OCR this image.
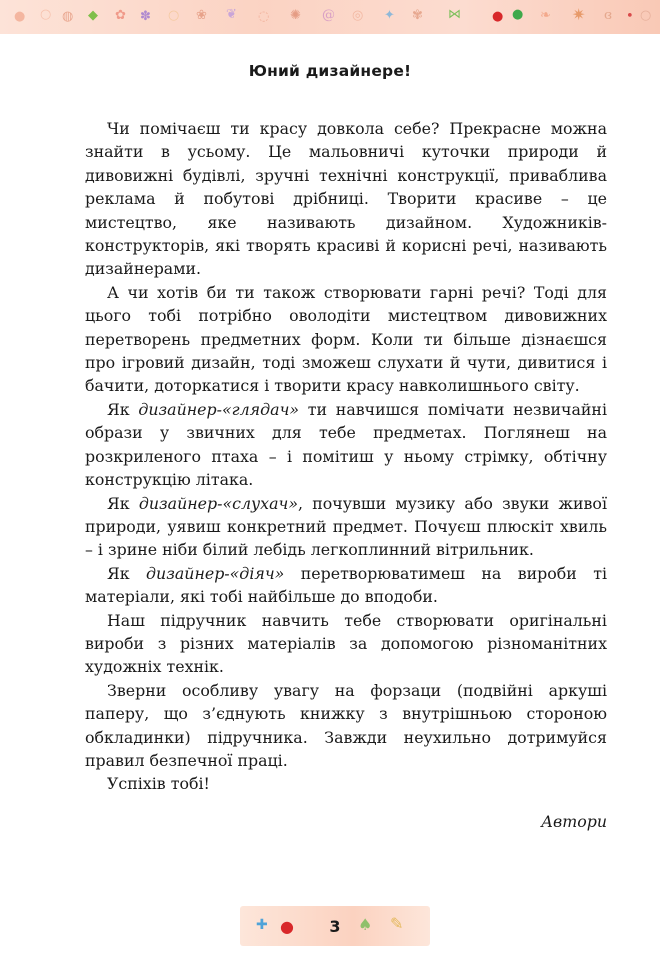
● ○ ◍ ◆ ✿ ✽ ○ ❀ ❦ ◌ ✺ @ ◎ ✦ ✾ ⋈ ● ● ❧ ✷ ɞ • ○
Юний дизайнере!

Чи помічаєш ти красу довкола себе? Прекрасне можна знайти в усьому. Це мальовничі куточки природи й дивовижні будівлі, зручні технічні конструкції, приваблива реклама й побутові дрібниці. Творити красиве – це мистецтво, яке називають дизайном. Художників-конструкторів, які творять красиві й корисні речі, називають дизайнерами.

А чи хотів би ти також створювати гарні речі? Тоді для цього тобі потрібно оволодіти мистецтвом дивовижних перетворень предметних форм. Коли ти більше дізнаєшся про ігровий дизайн, тоді зможеш слухати й чути, дивитися і бачити, доторкатися і творити красу навколишнього світу.

Як дизайнер-«глядач» ти навчишся помічати незвичайні образи у звичних для тебе предметах. Поглянеш на розкриленого птаха – і помітиш у ньому стрімку, обтічну конструкцію літака.

Як дизайнер-«слухач», почувши музику або звуки живої природи, уявиш конкретний предмет. Почуєш плюскіт хвиль – і зрине ніби білий лебідь легкоплинний вітрильник.

Як дизайнер-«діяч» перетворюватимеш на вироби ті матеріали, які тобі найбільше до вподоби.

Наш підручник навчить тебе створювати оригінальні вироби з різних матеріалів за допомогою різноманітних художніх технік.

Зверни особливу увагу на форзаци (подвійні аркуші паперу, що з’єднують книжку з внутрішньою стороною обкладинки) підручника. Завжди неухильно дотримуйся правил безпечної праці.

Успіхів тобі!

Автори
✚ ●	♠ ✎
3
